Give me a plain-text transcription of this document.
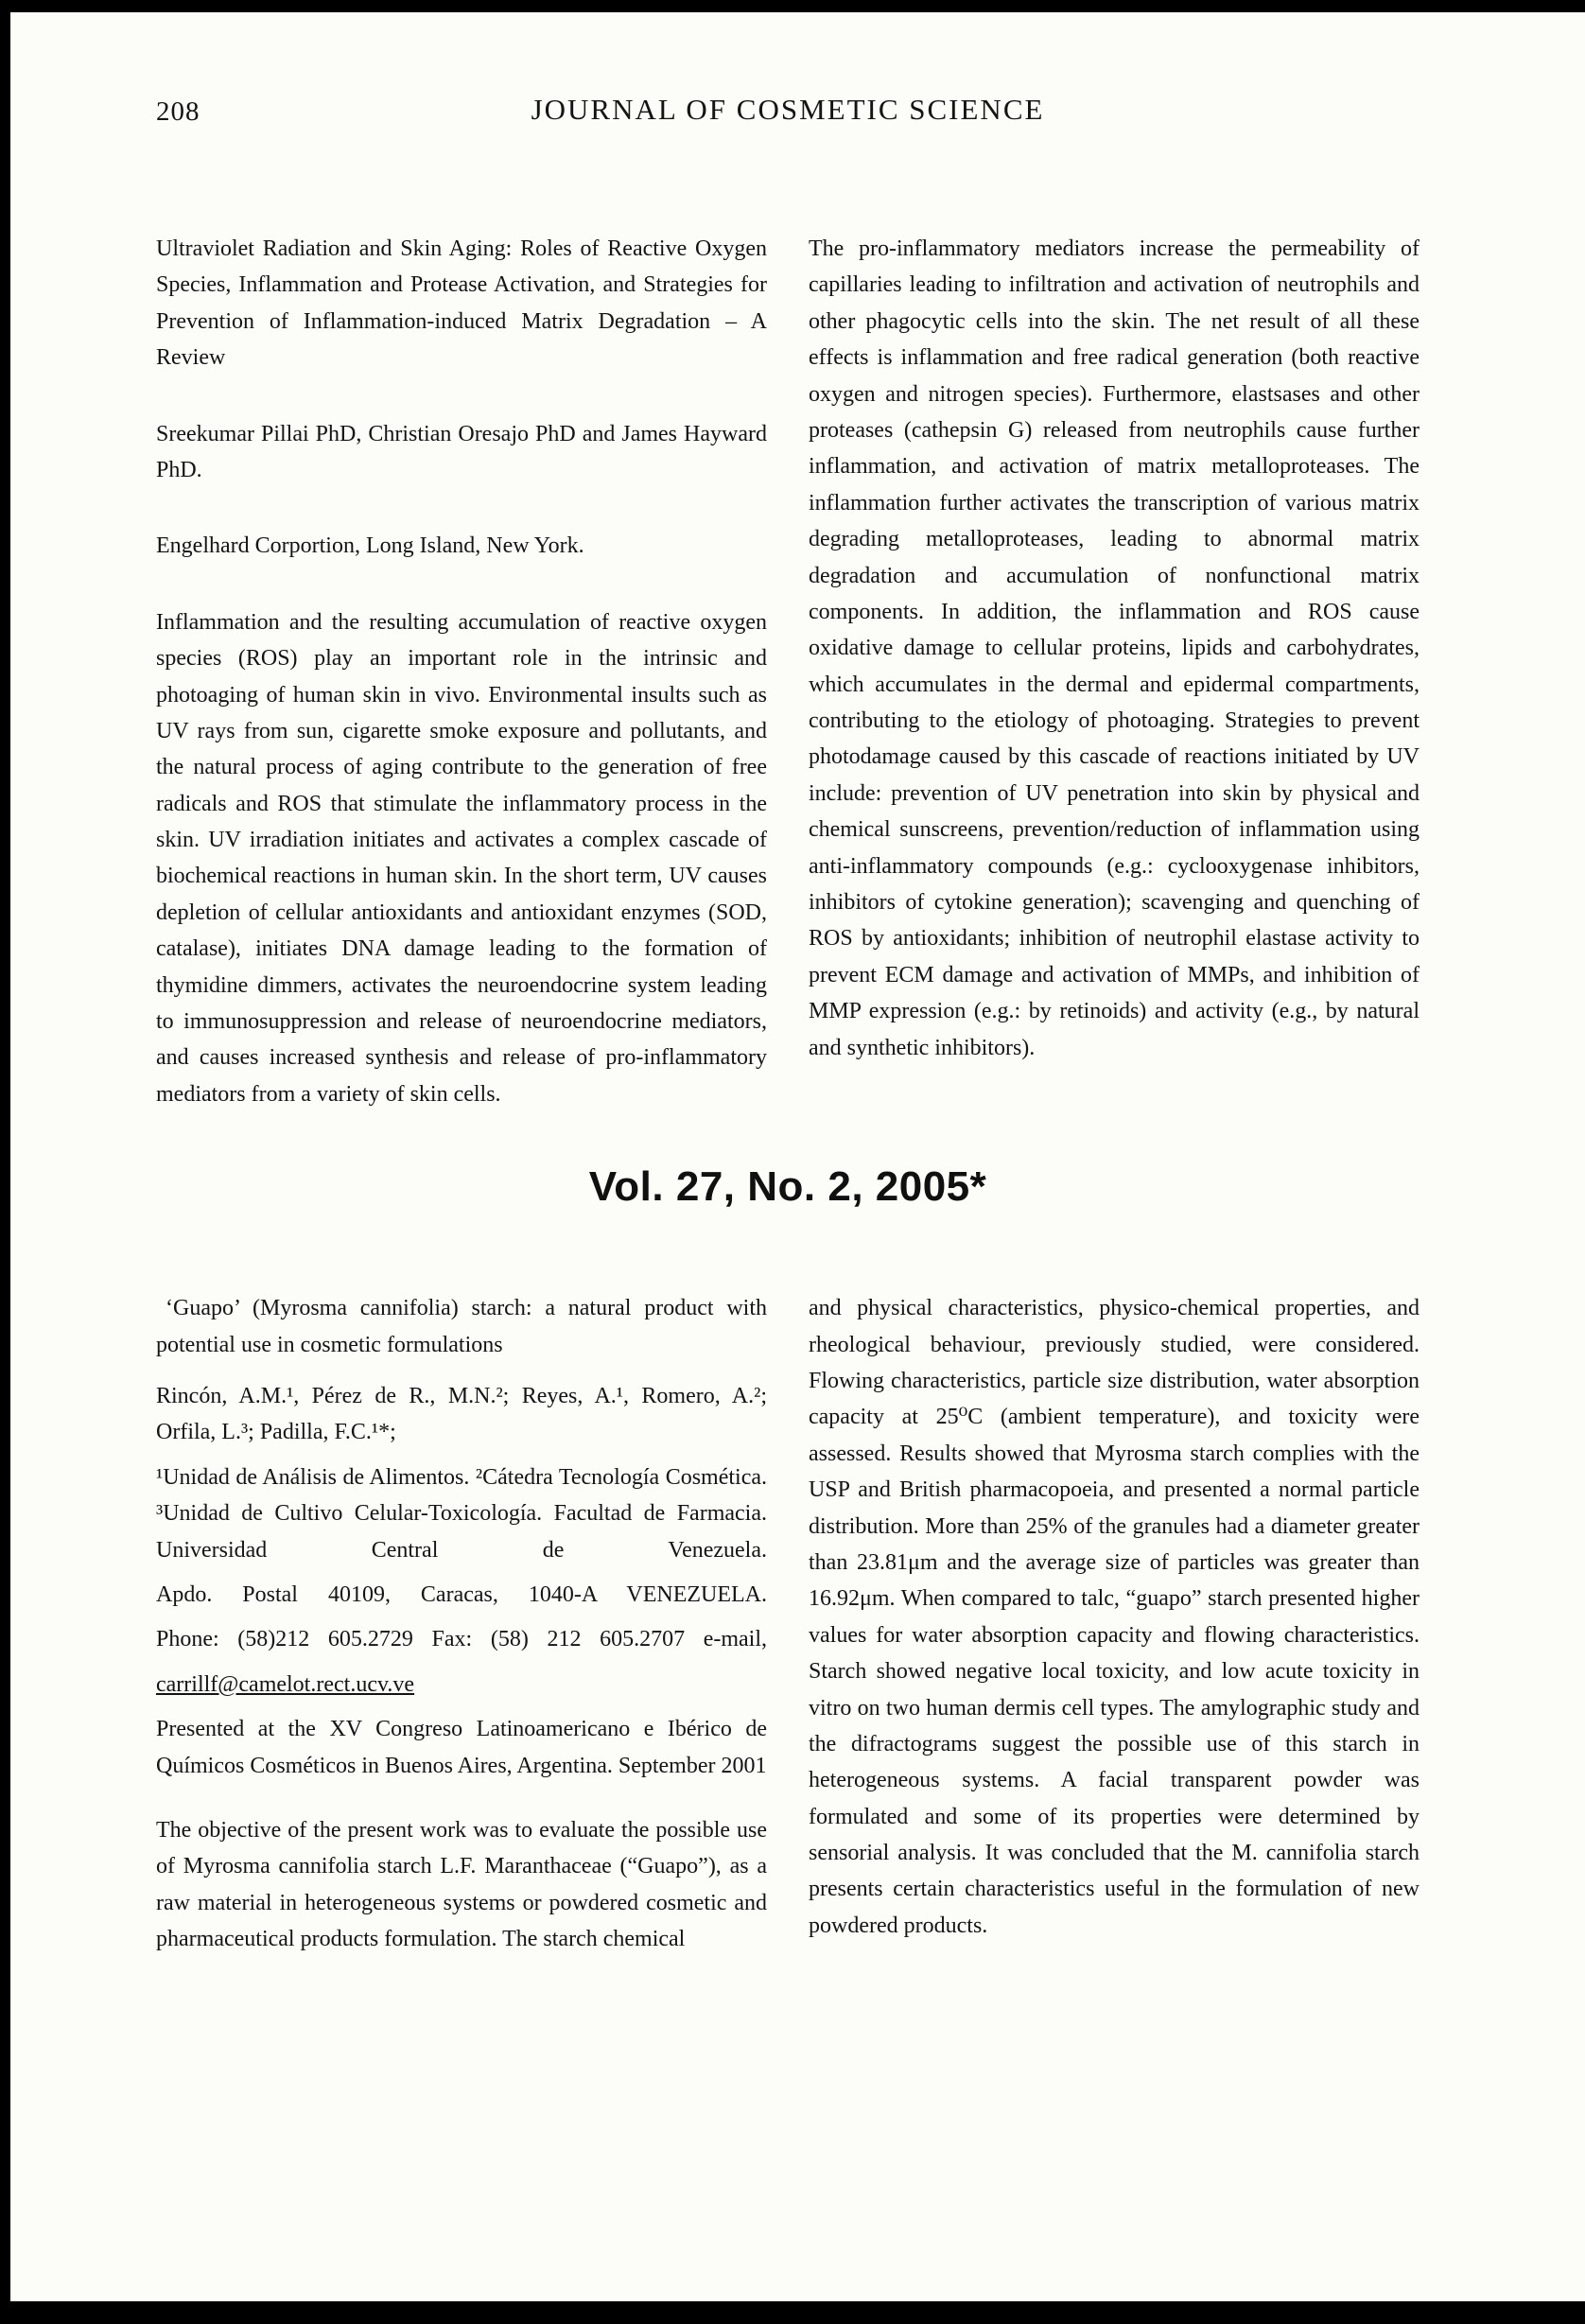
208	JOURNAL OF COSMETIC SCIENCE

Ultraviolet Radiation and Skin Aging: Roles of Reactive Oxygen Species, Inflammation and Protease Activation, and Strategies for Prevention of Inflammation-induced Matrix Degradation – A Review

Sreekumar Pillai PhD, Christian Oresajo PhD and James Hayward PhD.

Engelhard Corportion, Long Island, New York.

Inflammation and the resulting accumulation of reactive oxygen species (ROS) play an important role in the intrinsic and photoaging of human skin in vivo. Environmental insults such as UV rays from sun, cigarette smoke exposure and pollutants, and the natural process of aging contribute to the generation of free radicals and ROS that stimulate the inflammatory process in the skin. UV irradiation initiates and activates a complex cascade of biochemical reactions in human skin. In the short term, UV causes depletion of cellular antioxidants and antioxidant enzymes (SOD, catalase), initiates DNA damage leading to the formation of thymidine dimmers, activates the neuroendocrine system leading to immunosuppression and release of neuroendocrine mediators, and causes increased synthesis and release of pro-inflammatory mediators from a variety of skin cells.

The pro-inflammatory mediators increase the permeability of capillaries leading to infiltration and activation of neutrophils and other phagocytic cells into the skin. The net result of all these effects is inflammation and free radical generation (both reactive oxygen and nitrogen species). Furthermore, elastsases and other proteases (cathepsin G) released from neutrophils cause further inflammation, and activation of matrix metalloproteases. The inflammation further activates the transcription of various matrix degrading metalloproteases, leading to abnormal matrix degradation and accumulation of nonfunctional matrix components. In addition, the inflammation and ROS cause oxidative damage to cellular proteins, lipids and carbohydrates, which accumulates in the dermal and epidermal compartments, contributing to the etiology of photoaging. Strategies to prevent photodamage caused by this cascade of reactions initiated by UV include: prevention of UV penetration into skin by physical and chemical sunscreens, prevention/reduction of inflammation using anti-inflammatory compounds (e.g.: cyclooxygenase inhibitors, inhibitors of cytokine generation); scavenging and quenching of ROS by antioxidants; inhibition of neutrophil elastase activity to prevent ECM damage and activation of MMPs, and inhibition of MMP expression (e.g.: by retinoids) and activity (e.g., by natural and synthetic inhibitors).

Vol. 27, No. 2, 2005*

‘Guapo’ (Myrosma cannifolia) starch: a natural product with potential use in cosmetic formulations

Rincón, A.M.¹, Pérez de R., M.N.²; Reyes, A.¹, Romero, A.²; Orfila, L.³; Padilla, F.C.¹*;

¹Unidad de Análisis de Alimentos. ²Cátedra Tecnología Cosmética. ³Unidad de Cultivo Celular-Toxicología. Facultad de Farmacia. Universidad Central de Venezuela.

Apdo. Postal 40109, Caracas, 1040-A VENEZUELA.

Phone: (58)212 605.2729 Fax: (58) 212 605.2707 e-mail,

carrillf@camelot.rect.ucv.ve

Presented at the XV Congreso Latinoamericano e Ibérico de Químicos Cosméticos in Buenos Aires, Argentina. September 2001

The objective of the present work was to evaluate the possible use of Myrosma cannifolia starch L.F. Maranthaceae (“Guapo”), as a raw material in heterogeneous systems or powdered cosmetic and pharmaceutical products formulation. The starch chemical

and physical characteristics, physico-chemical properties, and rheological behaviour, previously studied, were considered. Flowing characteristics, particle size distribution, water absorption capacity at 25⁰C (ambient temperature), and toxicity were assessed. Results showed that Myrosma starch complies with the USP and British pharmacopoeia, and presented a normal particle distribution. More than 25% of the granules had a diameter greater than 23.81μm and the average size of particles was greater than 16.92μm. When compared to talc, “guapo” starch presented higher values for water absorption capacity and flowing characteristics. Starch showed negative local toxicity, and low acute toxicity in vitro on two human dermis cell types. The amylographic study and the difractograms suggest the possible use of this starch in heterogeneous systems. A facial transparent powder was formulated and some of its properties were determined by sensorial analysis. It was concluded that the M. cannifolia starch presents certain characteristics useful in the formulation of new powdered products.
